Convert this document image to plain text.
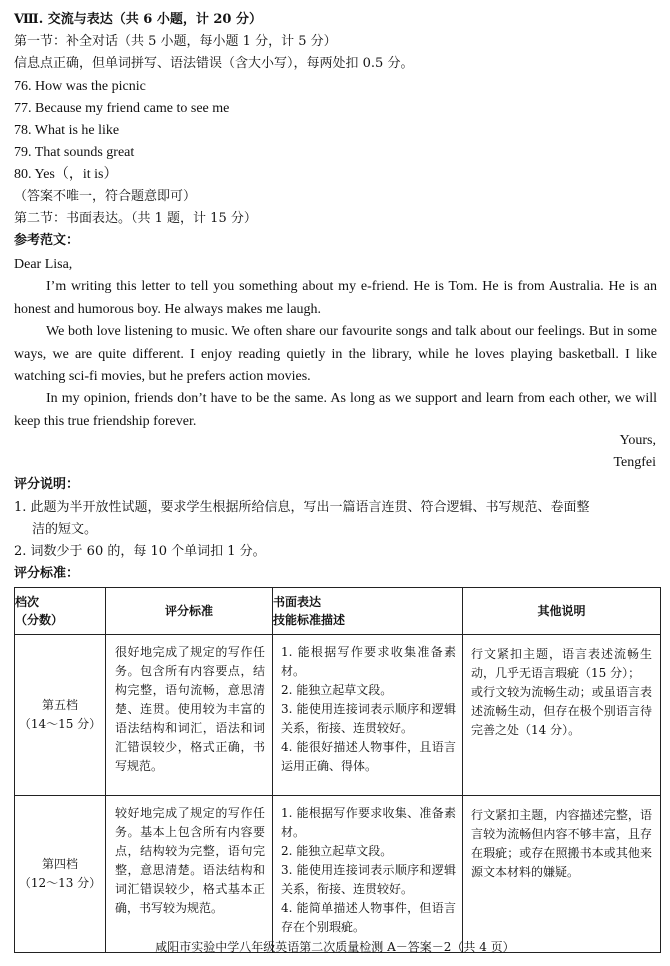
Ⅷ. 交流与表达（共 6 小题，计 20 分）
第一节：补全对话（共 5 小题，每小题 1 分，计 5 分）
信息点正确，但单词拼写、语法错误（含大小写），每两处扣 0.5 分。
76. How was the picnic
77. Because my friend came to see me
78. What is he like
79. That sounds great
80. Yes（，it is）
（答案不唯一，符合题意即可）
第二节：书面表达。（共 1 题，计 15 分）
参考范文：
Dear Lisa,
I’m writing this letter to tell you something about my e-friend. He is Tom. He is from Australia. He is an honest and humorous boy. He always makes me laugh.
We both love listening to music. We often share our favourite songs and talk about our feelings. But in some ways, we are quite different. I enjoy reading quietly in the library, while he loves playing basketball. I like watching sci-fi movies, but he prefers action movies.
In my opinion, friends don’t have to be the same. As long as we support and learn from each other, we will keep this true friendship forever.
Yours,
Tengfei
评分说明：
1. 此题为半开放性试题，要求学生根据所给信息，写出一篇语言连贯、符合逻辑、书写规范、卷面整
洁的短文。
2. 词数少于 60 的，每 10 个单词扣 1 分。
评分标准：
档次
（分数）	评分标准	书面表达
技能标准描述	其他说明
第五档
（14～15 分）	很好地完成了规定的写作任务。包含所有内容要点，结构完整，语句流畅，意思清楚、连贯。使用较为丰富的语法结构和词汇，语法和词汇错误较少，格式正确，书写规范。	1. 能根据写作要求收集准备素材。
2. 能独立起草文段。
3. 能使用连接词表示顺序和逻辑关系，衔接、连贯较好。
4. 能很好描述人物事件，且语言运用正确、得体。	行文紧扣主题，语言表述流畅生动，几乎无语言瑕疵（15 分）；
或行文较为流畅生动；或虽语言表述流畅生动，但存在极个别语言待完善之处（14 分）。
第四档
（12～13 分）	较好地完成了规定的写作任务。基本上包含所有内容要点，结构较为完整，语句完整，意思清楚。语法结构和词汇错误较少，格式基本正确，书写较为规范。	1. 能根据写作要求收集、准备素材。
2. 能独立起草文段。
3. 能使用连接词表示顺序和逻辑关系，衔接、连贯较好。
4. 能简单描述人物事件，但语言存在个别瑕疵。	行文紧扣主题，内容描述完整，语言较为流畅但内容不够丰富，且存在瑕疵；或存在照搬书本或其他来源文本材料的嫌疑。
咸阳市实验中学八年级英语第二次质量检测 A－答案－2（共 4 页）
